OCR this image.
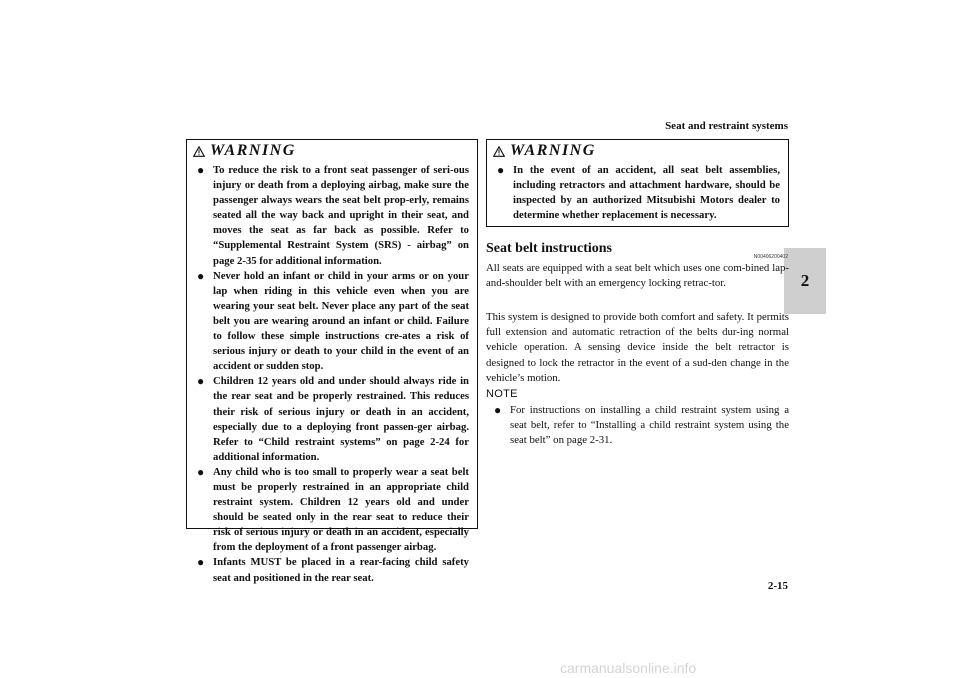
Seat and restraint systems
2
WARNING
● To reduce the risk to a front seat passenger of seri-ous injury or death from a deploying airbag, make sure the passenger always wears the seat belt prop-erly, remains seated all the way back and upright in their seat, and moves the seat as far back as possible. Refer to “Supplemental Restraint System (SRS) - airbag” on page 2-35 for additional information.
● Never hold an infant or child in your arms or on your lap when riding in this vehicle even when you are wearing your seat belt. Never place any part of the seat belt you are wearing around an infant or child. Failure to follow these simple instructions cre-ates a risk of serious injury or death to your child in the event of an accident or sudden stop.
● Children 12 years old and under should always ride in the rear seat and be properly restrained. This reduces their risk of serious injury or death in an accident, especially due to a deploying front passen-ger airbag. Refer to “Child restraint systems” on page 2-24 for additional information.
● Any child who is too small to properly wear a seat belt must be properly restrained in an appropriate child restraint system. Children 12 years old and under should be seated only in the rear seat to reduce their risk of serious injury or death in an accident, especially from the deployment of a front passenger airbag.
● Infants MUST be placed in a rear-facing child safety seat and positioned in the rear seat.
WARNING
● In the event of an accident, all seat belt assemblies, including retractors and attachment hardware, should be inspected by an authorized Mitsubishi Motors dealer to determine whether replacement is necessary.
Seat belt instructions
N00406200402

All seats are equipped with a seat belt which uses one com-bined lap-and-shoulder belt with an emergency locking retrac-tor.

This system is designed to provide both comfort and safety. It permits full extension and automatic retraction of the belts dur-ing normal vehicle operation. A sensing device inside the belt retractor is designed to lock the retractor in the event of a sud-den change in the vehicle’s motion.

NOTE
● For instructions on installing a child restraint system using a seat belt, refer to “Installing a child restraint system using the seat belt” on page 2-31.
2-15
carmanualsonline.info
